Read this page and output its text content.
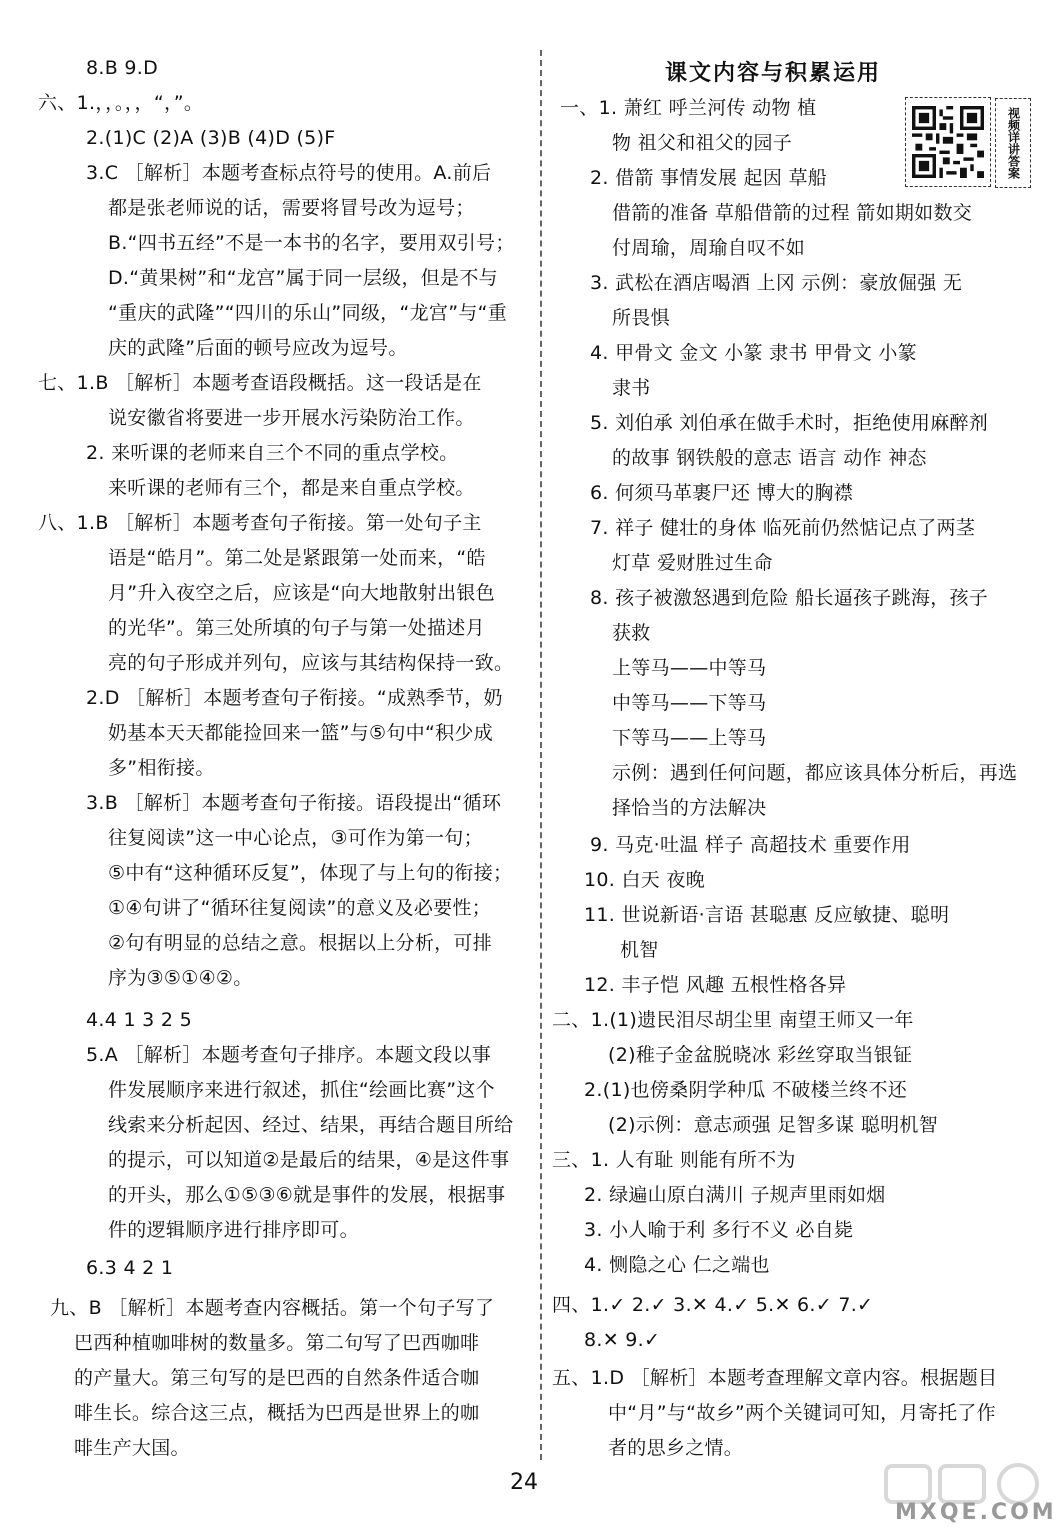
8.B 9.D
六、1.，，。，，“，”。
2.(1)C (2)A (3)B (4)D (5)F
3.C ［解析］本题考查标点符号的使用。A.前后
都是张老师说的话，需要将冒号改为逗号；
B.“四书五经”不是一本书的名字，要用双引号；
D.“黄果树”和“龙宫”属于同一层级，但是不与
“重庆的武隆”“四川的乐山”同级，“龙宫”与“重
庆的武隆”后面的顿号应改为逗号。
七、1.B ［解析］本题考查语段概括。这一段话是在
说安徽省将要进一步开展水污染防治工作。
2. 来听课的老师来自三个不同的重点学校。
来听课的老师有三个，都是来自重点学校。
八、1.B ［解析］本题考查句子衔接。第一处句子主
语是“皓月”。第二处是紧跟第一处而来，“皓
月”升入夜空之后，应该是“向大地散射出银色
的光华”。第三处所填的句子与第一处描述月
亮的句子形成并列句，应该与其结构保持一致。
2.D ［解析］本题考查句子衔接。“成熟季节，奶
奶基本天天都能捡回来一篮”与⑤句中“积少成
多”相衔接。
3.B ［解析］本题考查句子衔接。语段提出“循环
往复阅读”这一中心论点，③可作为第一句；
⑤中有“这种循环反复”，体现了与上句的衔接；
①④句讲了“循环往复阅读”的意义及必要性；
②句有明显的总结之意。根据以上分析，可排
序为③⑤①④②。
4.4 1 3 2 5
5.A ［解析］本题考查句子排序。本题文段以事
件发展顺序来进行叙述，抓住“绘画比赛”这个
线索来分析起因、经过、结果，再结合题目所给
的提示，可以知道②是最后的结果，④是这件事
的开头，那么①⑤③⑥就是事件的发展，根据事
件的逻辑顺序进行排序即可。
6.3 4 2 1
九、B ［解析］本题考查内容概括。第一个句子写了
巴西种植咖啡树的数量多。第二句写了巴西咖啡
的产量大。第三句写的是巴西的自然条件适合咖
啡生长。综合这三点，概括为巴西是世界上的咖
啡生产大国。
课文内容与积累运用
视频详讲答案
一、1. 萧红 呼兰河传 动物 植
物 祖父和祖父的园子
2. 借箭 事情发展 起因 草船
借箭的准备 草船借箭的过程 箭如期如数交
付周瑜，周瑜自叹不如
3. 武松在酒店喝酒 上冈 示例：豪放倔强 无
所畏惧
4. 甲骨文 金文 小篆 隶书 甲骨文 小篆
隶书
5. 刘伯承 刘伯承在做手术时，拒绝使用麻醉剂
的故事 钢铁般的意志 语言 动作 神态
6. 何须马革裹尸还 博大的胸襟
7. 祥子 健壮的身体 临死前仍然惦记点了两茎
灯草 爱财胜过生命
8. 孩子被激怒遇到危险 船长逼孩子跳海，孩子
获救
上等马——中等马
中等马——下等马
下等马——上等马
示例：遇到任何问题，都应该具体分析后，再选
择恰当的方法解决
9. 马克·吐温 样子 高超技术 重要作用
10. 白天 夜晚
11. 世说新语·言语 甚聪惠 反应敏捷、聪明
机智
12. 丰子恺 风趣 五根性格各异
二、1.(1)遗民泪尽胡尘里 南望王师又一年
(2)稚子金盆脱晓冰 彩丝穿取当银钲
2.(1)也傍桑阴学种瓜 不破楼兰终不还
(2)示例：意志顽强 足智多谋 聪明机智
三、1. 人有耻 则能有所不为
2. 绿遍山原白满川 子规声里雨如烟
3. 小人喻于利 多行不义 必自毙
4. 恻隐之心 仁之端也
四、1.✓ 2.✓ 3.✕ 4.✓ 5.✕ 6.✓ 7.✓
8.✕ 9.✓
五、1.D ［解析］本题考查理解文章内容。根据题目
中“月”与“故乡”两个关键词可知，月寄托了作
者的思乡之情。
24
MXQE.COM
